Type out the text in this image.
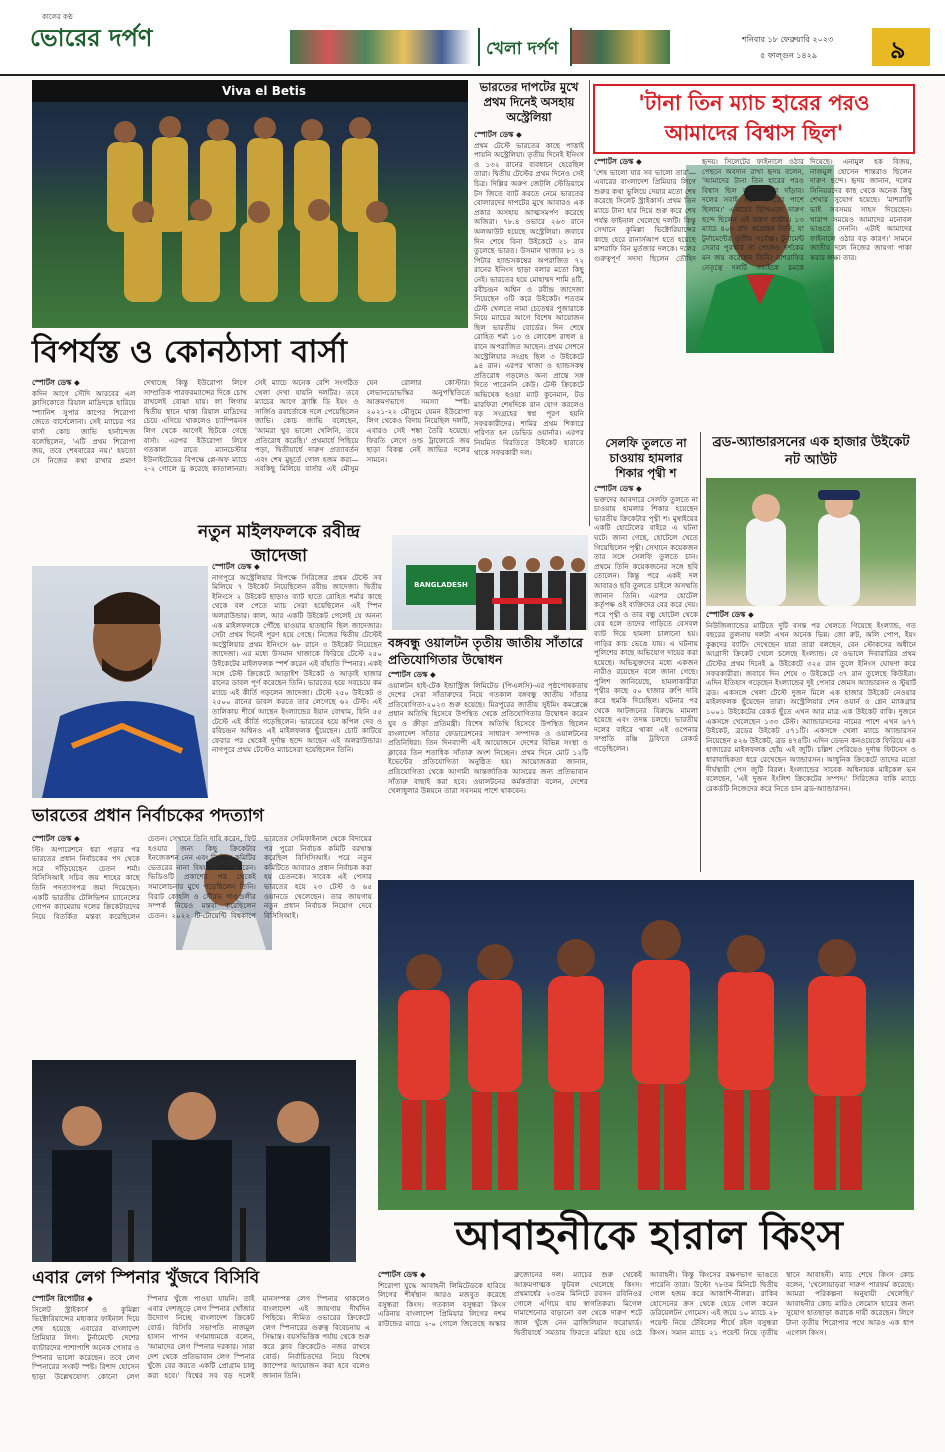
কালের কণ্ঠ
ভোরের দর্পণ	খেলা দর্পণ	শনিবার ১৮ ফেব্রুয়ারি ২০২৩
৫ ফাল্গুন ১৪২৯	৯
Viva el Betis
বিপর্যস্ত ও কোনঠাসা বার্সা
স্পোর্টস ডেস্ক ◆
কদিন আগে সৌদি আরবের এল ক্লাসিকোতে রিয়াল মাদ্রিদকে হারিয়ে স্প্যানিশ সুপার কাপের শিরোপা জেতে বার্সেলোনা। সেই ম্যাচের পর বার্সা কোচ জাভি হার্নান্দেজ বলেছিলেন, 'এটি প্রথম শিরোপা জয়, তবে শেষবারের নয়।' হয়তো সে নিজের কথা রাখার প্রমাণ দেখাচ্ছে কিন্তু ইউরোপা লিগে সাম্প্রতিক পারফরম্যান্সের দিকে চোখ রাখলেই বোঝা যায়। লা লিগায় দ্বিতীয় স্থানে থাকা রিয়াল মাদ্রিদের চেয়ে এগিয়ে থাকলেও চ্যাম্পিয়নস লিগ থেকে আগেই ছিটকে গেছে বার্সা। এরপর ইউরোপা লিগে গতকাল রাতে ম্যানচেস্টার ইউনাইটেডের বিপক্ষে প্লে-অফ ম্যাচে ২-২ গোলে ড্র করেছে কাতালানরা। সেই ম্যাচে অনেক বেশি সংগঠিত খেলা দেখা যায়নি দলটির। তবে ম্যাচের আগে ফ্রাঙ্কি ডি ইয়ং ও সার্জিও রবার্তোকে দলে পেয়েছিলেন জাভি। কোচ জাভি বলেছেন, 'আমরা খুব ভালো খেলিনি, তবে প্রতিরোধ করেছি।' প্রথমার্ধে পিছিয়ে পড়া, দ্বিতীয়ার্ধে দারুণ প্রত্যাবর্তন এবং শেষ মুহূর্তে গোল হজম করা—সবকিছু মিলিয়ে বার্সার এই মৌসুম যেন রোলার কোস্টার। লেভানডোভস্কির অনুপস্থিতিতে আক্রমণভাগে সমস্যা স্পষ্ট। ২০২১-২২ মৌসুমে যেমন ইউরোপা লিগ থেকেও বিদায় নিয়েছিল দলটি, এবারও সেই শঙ্কা তৈরি হয়েছে। ফিরতি লেগে ওল্ড ট্রাফোর্ডে জয় ছাড়া বিকল্প নেই জাভির দলের সামনে।
ভারতের দাপটের মুখে প্রথম দিনেই অসহায় অস্ট্রেলিয়া
স্পোর্টস ডেস্ক ◆
প্রথম টেস্টে ভারতের কাছে পাত্তাই পায়নি অস্ট্রেলিয়া। তৃতীয় দিনেই ইনিংস ও ১৩২ রানের ব্যবধানে হেরেছিল তারা। দ্বিতীয় টেস্টের প্রথম দিনেও সেই চিত্র। দিল্লির অরুণ জেটলি স্টেডিয়ামে টস জিতে ব্যাট করতে নেমে ভারতের বোলারদের দাপটের মুখে আবারও এক প্রকার অসহায় আত্মসমর্পণ করেছে অজিরা। ৭৮.৪ ওভারে ২৬৩ রানে অলআউট হয়েছে অস্ট্রেলিয়া। জবাবে দিন শেষে বিনা উইকেটে ২১ রান তুলেছে ভারত। উসমান খাজার ৮১ ও পিটার হ্যান্ডসকম্বের অপরাজিত ৭২ রানের ইনিংস ছাড়া বলার মতো কিছু নেই। ভারতের হয়ে মোহাম্মদ শামি ৪টি, রবীচন্দ্রন অশ্বিন ও রবীন্দ্র জাদেজা নিয়েছেন ৩টি করে উইকেট। শততম টেস্ট খেলতে নামা চেতেশ্বর পুজারাকে নিয়ে ম্যাচের আগে বিশেষ আয়োজন ছিল ভারতীয় বোর্ডের। দিন শেষে রোহিত শর্মা ১৩ ও লোকেশ রাহুল ৪ রানে অপরাজিত আছেন। প্রথম সেশনে অস্ট্রেলিয়ার সংগ্রহ ছিল ৩ উইকেটে ৯৪ রান। এরপর খাজা ও হ্যান্ডসকম্ব প্রতিরোধ গড়লেও অন্য প্রান্তে সঙ্গ দিতে পারেননি কেউ। টেস্ট ক্রিকেটে অভিষেক হওয়া ম্যাট কুনেমান, টড মারফিরা শেষদিকে রান যোগ করলেও বড় সংগ্রহের স্বপ্ন পূরণ হয়নি সফরকারীদের। শামির প্রথম শিকারে পরিণত হন ডেভিড ওয়ার্নার। এরপর নিয়মিত বিরতিতে উইকেট হারাতে থাকে সফরকারী দল।
'টানা তিন ম্যাচ হারের পরও আমাদের বিশ্বাস ছিল'
স্পোর্টস ডেস্ক ◆
'শেষ ভালো যার সব ভালো তার'—এবারের বাংলাদেশ প্রিমিয়ার লিগে শুরুর কথা ভুলিয়ে দেয়ার মতো শেষ করেছে সিলেট স্ট্রাইকার্স। প্রথম তিন ম্যাচে টানা হার দিয়ে শুরু করে শেষ পর্যন্ত ফাইনাল খেলেছে দলটি। কিন্তু সেখানে কুমিল্লা ভিক্টোরিয়ান্সের কাছে হেরে রানার্সআপ হতে হয়েছে মাশরাফি বিন মুর্তজার দলকে। দলের গুরুত্বপূর্ণ সদস্য ছিলেন তৌহিদ হৃদয়। সিলেটের ফাইনালে ওঠার পেছনে অবদান রাখা হৃদয় বলেন, 'আমাদের টানা তিন হারের পরও বিশ্বাস ছিল আমরা ঘুরে দাঁড়াব। দলের সবাই একে অপরের পাশে ছিলাম।' এবারের বিপিএলে দারুণ ছন্দে ছিলেন এই তরুণ ব্যাটার। ১৩ ম্যাচে ৪০৩ রান করেছেন তিনি, যা টুর্নামেন্টের তৃতীয় সর্বোচ্চ। টুর্নামেন্ট সেরার পুরস্কার না পেলেও দর্শকের মন জয় করেছেন তিনি। মাশরাফির নেতৃত্বে দলটি সবাইকে চমকে দিয়েছে। এনামুল হক বিজয়, নাজমুল হোসেন শান্তরাও ছিলেন দারুণ ছন্দে। হৃদয় জানান, দলের সিনিয়রদের কাছ থেকে অনেক কিছু শেখার সুযোগ হয়েছে। 'মাশরাফি ভাই সবসময় সাহস দিয়েছেন। খারাপ সময়েও আমাদের মনোবল ভাঙতে দেননি। এটাই আমাদের ফাইনালে ওঠার বড় কারণ।' সামনে জাতীয় দলে নিজের জায়গা পাকা করার লক্ষ্য তার।
নতুন মাইলফলকে রবীন্দ্র জাদেজা
স্পোর্টস ডেস্ক ◆
নাগপুরে অস্ট্রেলিয়ার বিপক্ষে সিরিজের প্রথম টেস্টে সব মিলিয়ে ৭ উইকেট নিয়েছিলেন রবীন্দ্র জাদেজা। দ্বিতীয় ইনিংসে ২ উইকেট ছাড়াও ব্যাট হাতে রোহিত শর্মার কাছে থেকে বল পেতে ম্যাচ সেরা হয়েছিলেন এই স্পিন অলরাউন্ডার। কাল, আর একটি উইকেট পেলেই যে অনন্য এক মাইলফলকে পৌঁছে যাওয়ার হাতছানি ছিল জাদেজার। সেটা প্রথম দিনেই পূরণ হয়ে গেছে। নিজের দ্বিতীয় টেস্টেই অস্ট্রেলিয়ার প্রথম ইনিংসে ৬৮ রানে ৩ উইকেট নিয়েছেন জাদেজা। এর মধ্যে উসমান খাজাকে ফিরিয়ে টেস্টে ২৫০ উইকেটের মাইলফলক স্পর্শ করেন এই বাঁহাতি স্পিনার। একই সঙ্গে টেস্ট ক্রিকেটে আড়াইশ উইকেট ও আড়াই হাজার রানের ডাবল পূর্ণ করেছেন তিনি। ভারতের হয়ে সবচেয়ে কম ম্যাচে এই কীর্তি গড়লেন জাদেজা। টেস্টে ২৫০ উইকেট ও ২৫০০ রানের ডাবল করতে তার লেগেছে ৬২ টেস্ট। এই তালিকায় শীর্ষে আছেন ইংল্যান্ডের ইয়ান বোথাম, যিনি ৫৫ টেস্টে এই কীর্তি গড়েছিলেন। ভারতের হয়ে কপিল দেব ও রবিচন্দ্রন অশ্বিনও এই মাইলফলক ছুঁয়েছেন। চোট কাটিয়ে ফেরার পর থেকেই দুর্দান্ত ছন্দে আছেন এই অলরাউন্ডার। নাগপুরে প্রথম টেস্টেও ম্যাচসেরা হয়েছিলেন তিনি।
BANGLADESH
বঙ্গবন্ধু ওয়ালটন তৃতীয় জাতীয় সাঁতারে প্রতিযোগিতার উদ্বোধন
স্পোর্টস ডেস্ক ◆
ওয়ালটন হাই-টেক ইন্ডাস্ট্রিজ লিমিটেড (পিএলসি)-এর পৃষ্ঠপোষকতায় দেশের সেরা সাঁতারুদের নিয়ে গতকাল বঙ্গবন্ধু জাতীয় সাঁতার প্রতিযোগিতা-২০২৩ শুরু হয়েছে। মিরপুরের জাতীয় সুইমিং কমপ্লেক্সে প্রধান অতিথি হিসেবে উপস্থিত থেকে প্রতিযোগিতার উদ্বোধন করেন যুব ও ক্রীড়া প্রতিমন্ত্রী। বিশেষ অতিথি হিসেবে উপস্থিত ছিলেন বাংলাদেশ সাঁতার ফেডারেশনের সাধারণ সম্পাদক ও ওয়ালটনের প্রতিনিধিরা। তিন দিনব্যাপী এই আয়োজনে দেশের বিভিন্ন সংস্থা ও ক্লাবের তিন শতাধিক সাঁতারু অংশ নিচ্ছেন। প্রথম দিনে মোট ১২টি ইভেন্টের প্রতিযোগিতা অনুষ্ঠিত হয়। আয়োজকরা জানান, প্রতিযোগিতা থেকে আগামী আন্তর্জাতিক আসরের জন্য প্রতিভাবান সাঁতারু বাছাই করা হবে। ওয়ালটনের কর্মকর্তারা বলেন, দেশের খেলাধুলার উন্নয়নে তারা সবসময় পাশে থাকবেন।
সেলফি তুলতে না চাওয়ায় হামলার শিকার পৃথ্বী শ
স্পোর্টস ডেস্ক ◆
ভক্তদের আবদারে সেলফি তুলতে না চাওয়ায় হামলার শিকার হয়েছেন ভারতীয় ক্রিকেটার পৃথ্বী শ। মুম্বাইয়ের একটি হোটেলের বাইরে এ ঘটনা ঘটে। জানা গেছে, হোটেলে খেতে গিয়েছিলেন পৃথ্বী। সেখানে কয়েকজন তার সঙ্গে সেলফি তুলতে চান। প্রথমে তিনি কয়েকজনের সঙ্গে ছবি তোলেন। কিন্তু পরে একই দল আবারও ছবি তুলতে চাইলে অসম্মতি জানান তিনি। এরপর হোটেল কর্তৃপক্ষ ওই ব্যক্তিদের বের করে দেয়। পরে পৃথ্বী ও তার বন্ধু হোটেল থেকে বের হলে তাদের গাড়িতে বেসবল ব্যাট দিয়ে হামলা চালানো হয়। গাড়ির কাচ ভেঙে যায়। এ ঘটনায় পুলিশের কাছে অভিযোগ দায়ের করা হয়েছে। অভিযুক্তদের মধ্যে একজন নারীও রয়েছেন বলে জানা গেছে। পুলিশ জানিয়েছে, হামলাকারীরা পৃথ্বীর কাছে ৫০ হাজার রুপি দাবি করে হুমকি দিয়েছিল। ঘটনার পর থেকে আটজনের বিরুদ্ধে মামলা হয়েছে এবং তদন্ত চলছে। ভারতীয় দলের বাইরে থাকা এই ওপেনার সম্প্রতি রঞ্জি ট্রফিতে রেকর্ড গড়েছিলেন।
ব্রড-অ্যান্ডারসনের এক হাজার উইকেট নট আউট
স্পোর্টস ডেস্ক ◆
নিউজিল্যান্ডের মাটিতে দুটি বসন্ত পর খেলতে গিয়েছে ইংল্যান্ড, গত বছরের তুলনায় দলটা এখন অনেক ভিন্ন। জো রুট, অলি পোপ, ইয়ং কুক্কদের ব্যাটিং দেখেছেন যারা তারা বলছেন, বেন স্টোকসের অধীনে আগ্রাসী ক্রিকেট খেলে চলেছে ইংল্যান্ড। বে ওভালে দিবারাত্রির প্রথম টেস্টের প্রথম দিনেই ৯ উইকেটে ৩২৫ রান তুলে ইনিংস ঘোষণা করে সফরকারীরা। জবাবে দিন শেষে ৩ উইকেটে ৩৭ রান তুলেছে কিউইরা। এদিন ইতিহাস গড়েছেন ইংল্যান্ডের দুই পেসার জেমস অ্যান্ডারসন ও স্টুয়ার্ট ব্রড। একসঙ্গে খেলা টেস্টে দুজন মিলে এক হাজার উইকেট নেওয়ার মাইলফলক ছুঁয়েছেন তারা। অস্ট্রেলিয়ার শেন ওয়ার্ন ও গ্লেন ম্যাকগ্রার ১০০১ উইকেটের রেকর্ড ছুঁতে এখন আর মাত্র এক উইকেট বাকি। দুজনে একসঙ্গে খেলেছেন ১৩৩ টেস্ট। অ্যান্ডারসনের নামের পাশে এখন ৬৭৭ উইকেট, ব্রডের উইকেট ৫৭১টি। একসঙ্গে খেলা ম্যাচে অ্যান্ডারসন নিয়েছেন ৫২৬ উইকেট, ব্রড ৪৭৪টি। এদিন ডেভন কনওয়েকে ফিরিয়ে এক হাজারের মাইলফলক ছোঁয় এই জুটি। চল্লিশ পেরিয়েও দুর্দান্ত ফিটনেস ও ধারাবাহিকতা ধরে রেখেছেন অ্যান্ডারসন। আধুনিক ক্রিকেটে তাদের মতো দীর্ঘস্থায়ী পেস জুটি বিরল। ইংল্যান্ডের সাবেক অধিনায়ক মাইকেল ভন বলেছেন, 'এই দুজন ইংলিশ ক্রিকেটের সম্পদ।' সিরিজের বাকি ম্যাচে রেকর্ডটি নিজেদের করে নিতে চান ব্রড-অ্যান্ডারসন।
ভারতের প্রধান নির্বাচকের পদত্যাগ
স্পোর্টস ডেস্ক ◆
স্টিং অপারেশনে ধরা পড়ার পর ভারতের প্রধান নির্বাচকের পদ থেকে সরে দাঁড়িয়েছেন চেতন শর্মা। বিসিসিআই সচিব জয় শাহের কাছে তিনি পদত্যাগপত্র জমা দিয়েছেন। একটি ভারতীয় টেলিভিশন চ্যানেলের গোপন ক্যামেরায় দলের ক্রিকেটারদের নিয়ে বিতর্কিত মন্তব্য করেছিলেন চেতন। সেখানে তিনি দাবি করেন, ফিট হওয়ার জন্য কিছু ক্রিকেটার ইনজেকশন নেন এবং নির্বাচক কমিটির ভেতরের নানা বিষয়ও প্রকাশ করেন। ভিডিওটি প্রকাশের পর থেকেই সমালোচনার মুখে পড়েছিলেন তিনি। বিরাট কোহলি ও সৌরভ গাঙ্গুলীর সম্পর্ক নিয়েও মন্তব্য করেছিলেন চেতন। ২০২২ টি-টোয়েন্টি বিশ্বকাপে ভারতের সেমিফাইনাল থেকে বিদায়ের পর পুরো নির্বাচক কমিটি বরখাস্ত করেছিল বিসিসিআই। পরে নতুন কমিটিতে আবারও প্রধান নির্বাচক করা হয় চেতনকে। সাবেক এই পেসার ভারতের হয়ে ২৩ টেস্ট ও ৬৫ ওয়ানডে খেলেছেন। তার জায়গায় নতুন প্রধান নির্বাচক নিয়োগ দেবে বিসিসিআই।
এবার লেগ স্পিনার খুঁজবে বিসিবি
স্পোর্টস রিপোর্টার ◆
সিলেট স্ট্রাইকার্স ও কুমিল্লা ভিক্টোরিয়ান্সের মধ্যকার ফাইনাল দিয়ে শেষ হয়েছে এবারের বাংলাদেশ প্রিমিয়ার লিগ। টুর্নামেন্টে দেশের ব্যাটারদের পাশাপাশি অনেক পেসার ও স্পিনার ভালো করেছেন। তবে লেগ স্পিনারের সংকট স্পষ্ট। রিশাদ হোসেন ছাড়া উল্লেখযোগ্য কোনো লেগ স্পিনার খুঁজে পাওয়া যায়নি। তাই এবার দেশজুড়ে লেগ স্পিনার খোঁজার উদ্যোগ নিচ্ছে বাংলাদেশ ক্রিকেট বোর্ড। বিসিবি সভাপতি নাজমুল হাসান পাপন গণমাধ্যমকে বলেন, 'আমাদের লেগ স্পিনার দরকার। সারা দেশ থেকে প্রতিভাবান লেগ স্পিনার খুঁজে বের করতে একটি প্রোগ্রাম চালু করা হবে।' বিশ্বের সব বড় দলেই মানসম্পন্ন লেগ স্পিনার থাকলেও বাংলাদেশ এই জায়গায় দীর্ঘদিন পিছিয়ে। সীমিত ওভারের ক্রিকেটে লেগ স্পিনারের গুরুত্ব বিবেচনায় এ সিদ্ধান্ত। বয়সভিত্তিক পর্যায় থেকে শুরু করে ক্লাব ক্রিকেটেও নজর রাখবে বোর্ড। নির্বাচিতদের নিয়ে বিশেষ ক্যাম্পের আয়োজন করা হবে বলেও জানান তিনি।
আবাহনীকে হারাল কিংস
স্পোর্টস ডেস্ক ◆
শিরোপা যুদ্ধে আবাহনী লিমিটেডকে হারিয়ে লিগের শীর্ষস্থান আরও মজবুত করেছে বসুন্ধরা কিংস। গতকাল বসুন্ধরা কিংস এরিনায় বাংলাদেশ প্রিমিয়ার লিগের দশম রাউন্ডের ম্যাচে ২-০ গোলে জিতেছে অস্কার ব্রুজোনের দল। ম্যাচের শুরু থেকেই আক্রমণাত্মক ফুটবল খেলেছে কিংস। প্রথমার্ধের ২৩তম মিনিটে রবসন রবিনিওর গোলে এগিয়ে যায় স্বাগতিকরা। মিগেল দামাশেনোর বাড়ানো বল থেকে দারুণ শটে জাল খুঁজে নেন ব্রাজিলিয়ান ফরোয়ার্ড। দ্বিতীয়ার্ধে সমতায় ফিরতে মরিয়া হয়ে ওঠে আবাহনী। কিন্তু কিংসের রক্ষণভাগ ভাঙতে পারেনি তারা। উল্টো ৭৮তম মিনিটে দ্বিতীয় গোল হজম করে আকাশি-নীলরা। রাকিব হোসেনের ক্রস থেকে হেডে গোল করেন ডরিয়েলটন গোমেস। এই জয়ে ১০ ম্যাচে ২৮ পয়েন্ট নিয়ে টেবিলের শীর্ষে রইল বসুন্ধরা কিংস। সমান ম্যাচে ২১ পয়েন্ট নিয়ে তৃতীয় স্থানে আবাহনী। ম্যাচ শেষে কিংস কোচ বলেন, 'খেলোয়াড়রা দারুণ পারফর্ম করেছে। আমরা পরিকল্পনা অনুযায়ী খেলেছি।' আবাহনীর কোচ মারিও লেমোস হারের জন্য সুযোগ হাতছাড়া করাকে দায়ী করেছেন। লিগে টানা তৃতীয় শিরোপার পথে আরও এক ধাপ এগোল কিংস।
